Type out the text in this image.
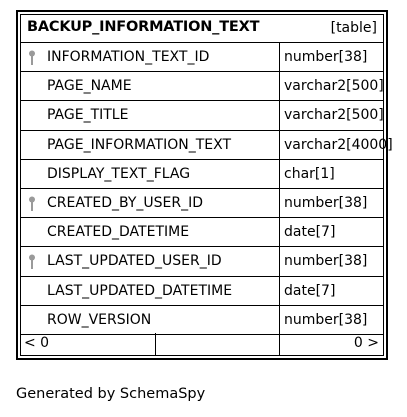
BACKUP_INFORMATION_TEXT	[table]
INFORMATION_TEXT_ID	number[38]
PAGE_NAME	varchar2[500]
PAGE_TITLE	varchar2[500]
PAGE_INFORMATION_TEXT	varchar2[4000]
DISPLAY_TEXT_FLAG	char[1]
CREATED_BY_USER_ID	number[38]
CREATED_DATETIME	date[7]
LAST_UPDATED_USER_ID	number[38]
LAST_UPDATED_DATETIME	date[7]
ROW_VERSION	number[38]
< 0	0 >
Generated by SchemaSpy
